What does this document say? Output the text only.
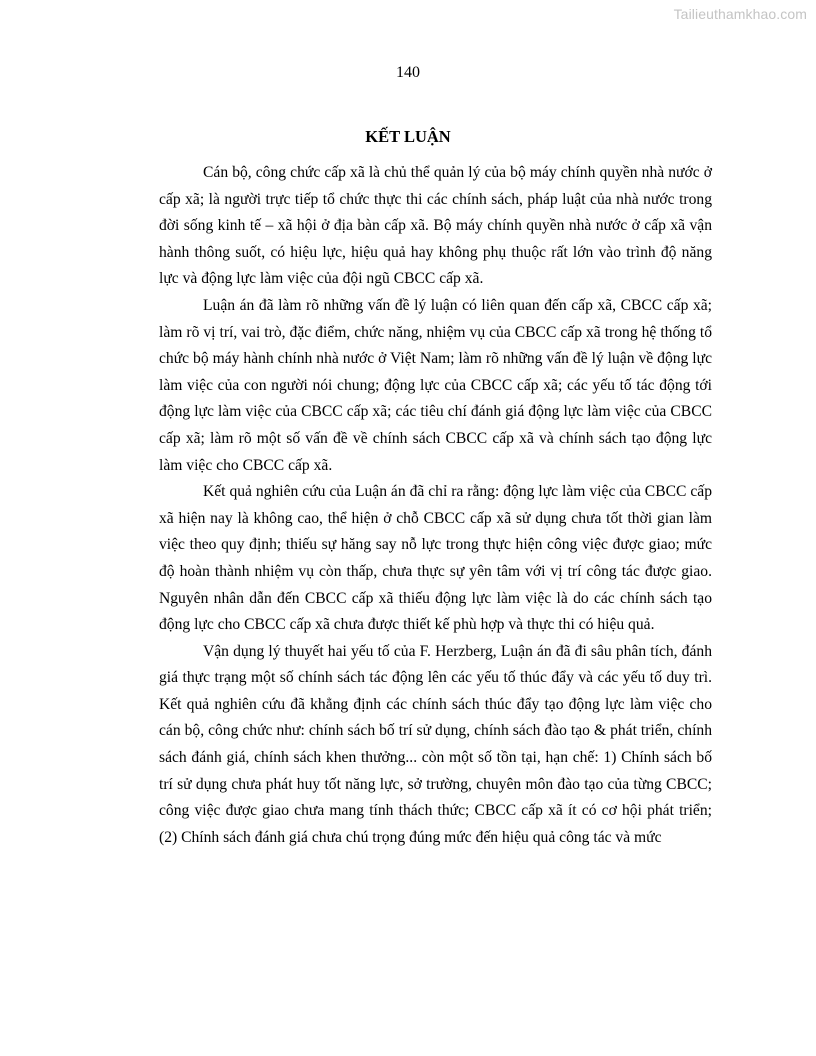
Tailieuthamkhao.com
140
KẾT LUẬN

Cán bộ, công chức cấp xã là chủ thể quản lý của bộ máy chính quyền nhà nước ở cấp xã; là người trực tiếp tổ chức thực thi các chính sách, pháp luật của nhà nước trong đời sống kinh tế – xã hội ở địa bàn cấp xã. Bộ máy chính quyền nhà nước ở cấp xã vận hành thông suốt, có hiệu lực, hiệu quả hay không phụ thuộc rất lớn vào trình độ năng lực và động lực làm việc của đội ngũ CBCC cấp xã.

Luận án đã làm rõ những vấn đề lý luận có liên quan đến cấp xã, CBCC cấp xã; làm rõ vị trí, vai trò, đặc điểm, chức năng, nhiệm vụ của CBCC cấp xã trong hệ thống tổ chức bộ máy hành chính nhà nước ở Việt Nam; làm rõ những vấn đề lý luận về động lực làm việc của con người nói chung; động lực của CBCC cấp xã; các yếu tố tác động tới động lực làm việc của CBCC cấp xã; các tiêu chí đánh giá động lực làm việc của CBCC cấp xã; làm rõ một số vấn đề về chính sách CBCC cấp xã và chính sách tạo động lực làm việc cho CBCC cấp xã.

Kết quả nghiên cứu của Luận án đã chỉ ra rằng: động lực làm việc của CBCC cấp xã hiện nay là không cao, thể hiện ở chỗ CBCC cấp xã sử dụng chưa tốt thời gian làm việc theo quy định; thiếu sự hăng say nỗ lực trong thực hiện công việc được giao; mức độ hoàn thành nhiệm vụ còn thấp, chưa thực sự yên tâm với vị trí công tác được giao. Nguyên nhân dẫn đến CBCC cấp xã thiếu động lực làm việc là do các chính sách tạo động lực cho CBCC cấp xã chưa được thiết kế phù hợp và thực thi có hiệu quả.

Vận dụng lý thuyết hai yếu tố của F. Herzberg, Luận án đã đi sâu phân tích, đánh giá thực trạng một số chính sách tác động lên các yếu tố thúc đẩy và các yếu tố duy trì. Kết quả nghiên cứu đã khẳng định các chính sách thúc đẩy tạo động lực làm việc cho cán bộ, công chức như: chính sách bố trí sử dụng, chính sách đào tạo & phát triển, chính sách đánh giá, chính sách khen thưởng... còn một số tồn tại, hạn chế: 1) Chính sách bố trí sử dụng chưa phát huy tốt năng lực, sở trường, chuyên môn đào tạo của từng CBCC; công việc được giao chưa mang tính thách thức; CBCC cấp xã ít có cơ hội phát triển; (2) Chính sách đánh giá chưa chú trọng đúng mức đến hiệu quả công tác và mức
